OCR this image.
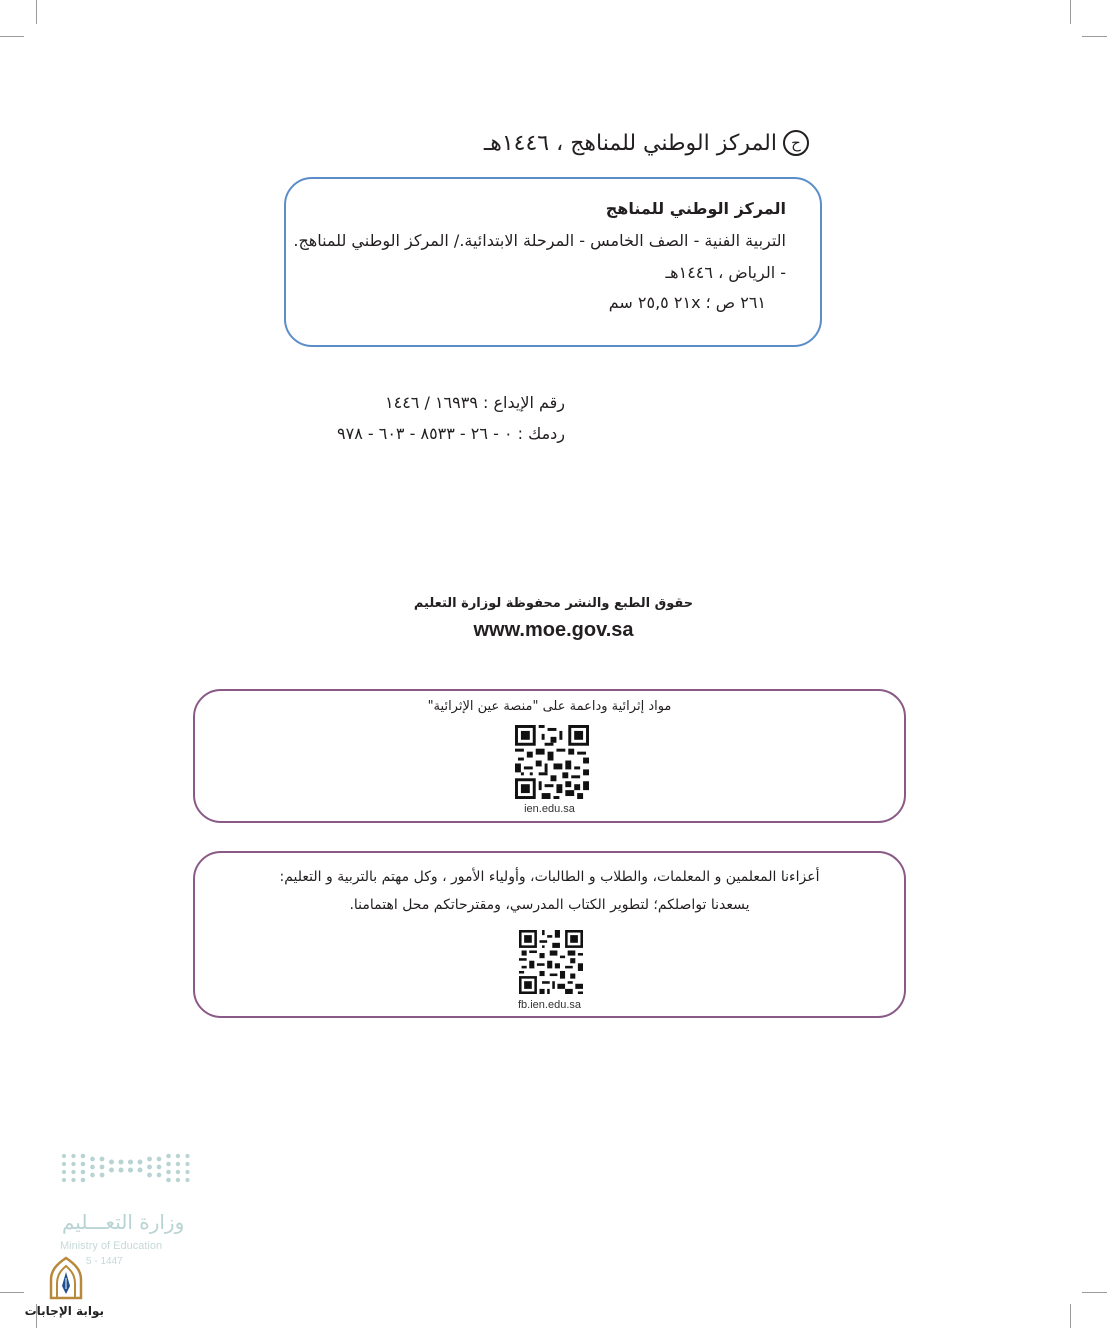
ح
المركز الوطني للمناهج ، ١٤٤٦هـ
المركز الوطني للمناهج
التربية الفنية - الصف الخامس - المرحلة الابتدائية./ المركز الوطني للمناهج.
- الرياض ، ١٤٤٦هـ
٢٦١ ص ؛ ٢١x ٢٥,٥ سم
رقم الإيداع : ١٦٩٣٩ / ١٤٤٦
ردمك : ٠ - ٢٦ - ٨٥٣٣ - ٦٠٣ - ٩٧٨
حقوق الطبع والنشر محفوظة لوزارة التعليم
www.moe.gov.sa
مواد إثرائية وداعمة على "منصة عين الإثرائية"
ien.edu.sa
أعزاءنا المعلمين و المعلمات، والطلاب و الطالبات، وأولياء الأمور ، وكل مهتم بالتربية و التعليم:
يسعدنا تواصلكم؛ لتطوير الكتاب المدرسي، ومقترحاتكم محل اهتمامنا.
fb.ien.edu.sa
وزارة التعـــليم
Ministry of Education
5 - 1447
بوابة الإجابات
